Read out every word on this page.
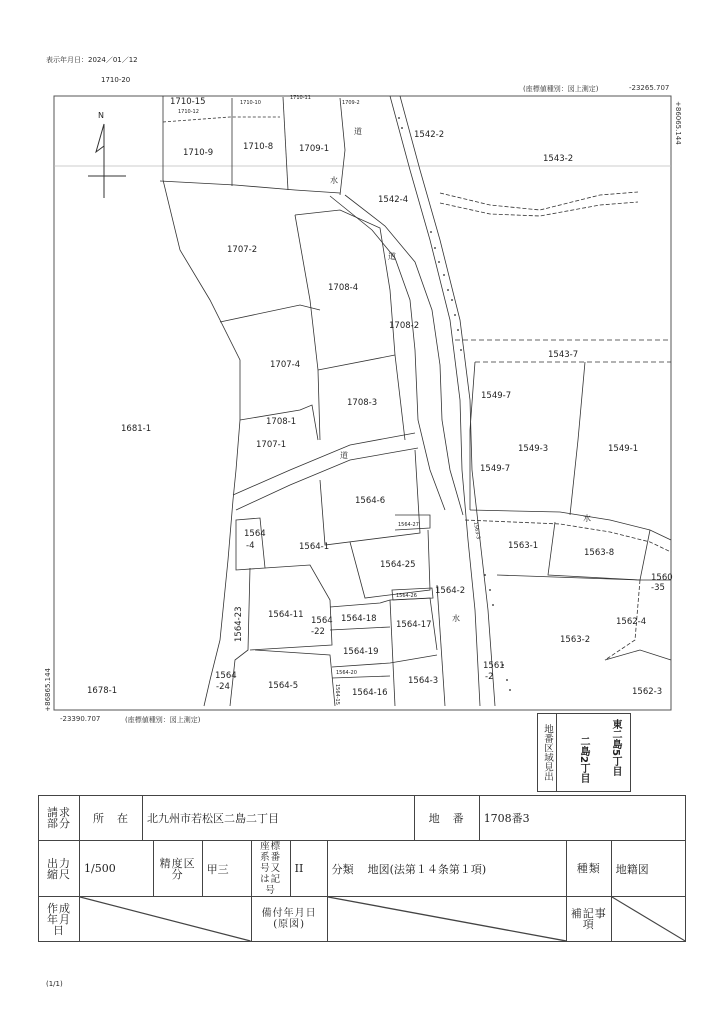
表示年月日：2024／01／12
1710-20
(座標値種別：図上測定)	-23265.707
+86065.144
+86865.144
-23390.707	(座標値種別：図上測定)
N
1710-15
1710-12
1710-10
1710-11
1709-2
1710-9
1710-8	1709-1
1542-2
1543-2
1542-4
1707-2
1708-4
1708-2
1543-7
1707-4
1708-3
1549-7
1681-1
1708-1
1707-1	1549-3	1549-1
1549-7
1564-6
1564-27	1563-3
1564-1	1563-1
1563-8
1564-25
1564-26 1564-2
1564-11	1564-18
1564-17	1562-4
1563-2
1564-19
1564-20
1564-5	1564-3
1678-1	1564-16	1562-3
1564-15
1564
-4
1560
-35
1564
-22
1561
-2
1564
-24
1564-23
道
道
道
水
水
水
地番区域見出	二島2丁目 東二島5丁目
請求部分	所　在	北九州市若松区二島二丁目						地　番	1708番3		
出力縮尺	1/500		精度区分	甲三	座標系番号又は記号	II	分類 地図(法第１４条第１項)			種類	地籍図
作成年月日					備付年月日(原図)					補記事項	
(1/1)
